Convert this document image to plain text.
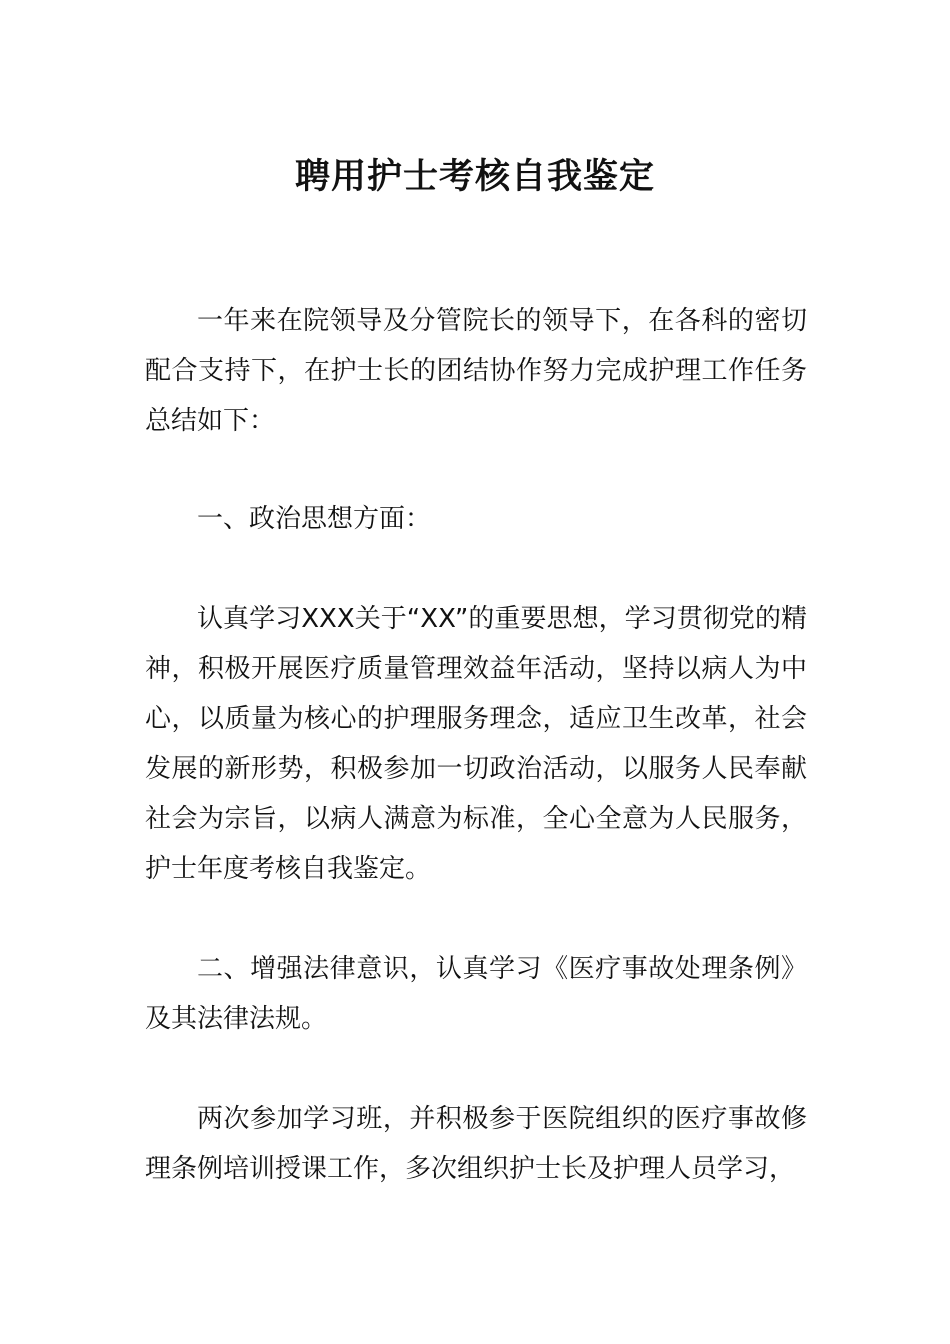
聘用护士考核自我鉴定

一年来在院领导及分管院长的领导下，在各科的密切配合支持下，在护士长的团结协作努力完成护理工作任务总结如下：

一、政治思想方面：

认真学习XXX关于“XX”的重要思想，学习贯彻党的精神，积极开展医疗质量管理效益年活动，坚持以病人为中心，以质量为核心的护理服务理念，适应卫生改革，社会发展的新形势，积极参加一切政治活动，以服务人民奉献社会为宗旨，以病人满意为标准，全心全意为人民服务，护士年度考核自我鉴定。

二、增强法律意识，认真学习《医疗事故处理条例》及其法律法规。

两次参加学习班，并积极参于医院组织的医疗事故修理条例培训授课工作，多次组织护士长及护理人员学习，
